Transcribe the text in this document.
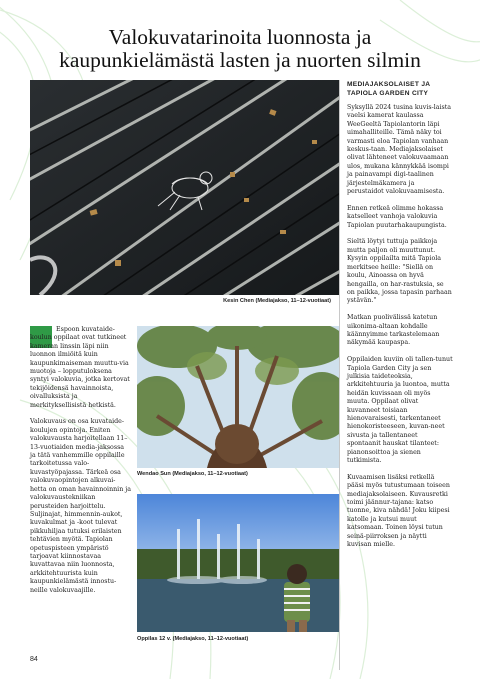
Valokuvatarinoita luonnosta ja
kaupunkielämästä lasten ja nuorten silmin
Kesin Chen (Mediajakso, 11–12-vuotiaat)
Wendao Sun (Mediajakso, 11–12-vuotiaat)
Oppilas 12 v. (Mediajakso, 11–12-vuotiaat)

Espoon kuvataide-koulun oppilaat ovat tutkineet kameran linssin läpi niin luonnon ilmiöitä kuin kaupunkimaiseman muuttu-via muotoja – lopputuloksena syntyi valokuvia, jotka kertovat tekijöidensä havainnoista, oivalluksista ja merkityksellisistä hetkistä.

Valokuvaus on osa kuvataide-koulujen opintoja. Eniten valokuvausta harjoitellaan 11–13-vuotiaiden media-jaksossa ja tätä vanhemmille oppilaille tarkoitetussa valo-kuvastyöpajassa. Tärkeä osa valokuvaopintojen alkuvai-hetta on oman havainnoinnin ja valokuvaustekniikan perusteiden harjoittelu. Suljinajat, himmennin-aukot, kuvakulmat ja -koot tulevat pikkuhiljaa tutuksi erilaisten tehtävien myötä. Tapiolan opetuspisteen ympäristö tarjoavat kiinnostavaa kuvattavaa niin luonnosta, arkkitehtuurista kuin kaupunkielämästä innostu-neille valokuvaajille.

MEDIAJAKSOLAISET JA
TAPIOLA GARDEN CITY

Syksyllä 2024 tusina kuvis-laista vaelsi kamerat kaulassa WeeGeeltä Tapiolantorin läpi uimahalliteille. Tämä näky toi varmasti eloa Tapiolan vanhaan keskus-taan. Mediajaksolaiset olivat lähteneet valokuvaamaan ulos, mukana kännykkää isompi ja painavampi digi-taalinen järjestelmäkamera ja perustaidot valokuvaamisesta.

Ennen retkeä olimme hokassa katselleet vanhoja valokuvia Tapiolan puutarhakaupungista.

Sieltä löytyi tuttuja paikkoja mutta paljon oli muuttunut. Kysyin oppilailta mitä Tapiola merkitsee heille: "Siellä on koulu, Ainoassa on hyvä hengailla, on har-rastuksia, se on paikka, jossa tapasin parhaan ystävän."

Matkan puolivälissä katetun uikonima-altaan kohdalle käännyimme tarkastelemaan näkymää kaupaspa.

Oppilaiden kuviin oli tallen-tunut Tapiola Garden City ja sen julkisia taideteoksia, arkkitehtuuria ja luontoa, mutta heidän kuvissaan oli myös muuta. Oppilaat olivat kuvanneet toisiaan hienovaraisesti, tarkentaneet hienokoristeeseen, kuvan-neet sivusta ja tallentaneet spontaanit hauskat tilanteet: pianonsoittoa ja sienen tutkimista.

Kuvaamisen lisäksi retkellä pääsi myös tutustumaan toiseen mediajaksolaiseen. Kuvausretki toimi jäännur-tajana: katso tuonne, kiva nähdä! Joku kiipesi katolle ja kutsui muut katsomaan. Toinen löysi tutun seinä-piirroksen ja näytti kuvisan mielle.

84
